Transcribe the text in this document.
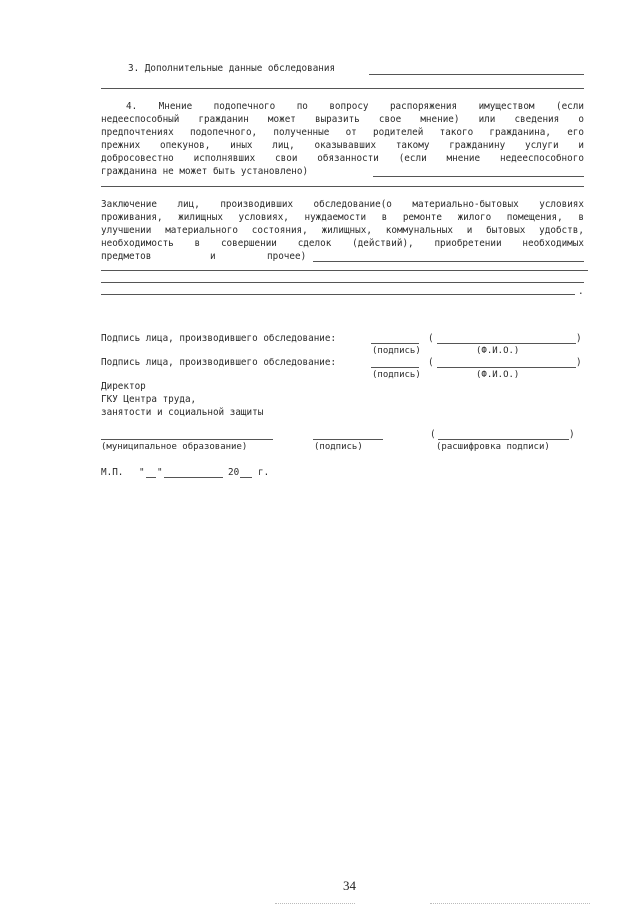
3. Дополнительные данные обследования
4. Мнение подопечного по вопросу распоряжения имуществом (если
недееспособный гражданин может выразить свое мнение) или сведения о
предпочтениях подопечного, полученные от родителей такого гражданина, его
прежних опекунов, иных лиц, оказывавших такому гражданину услуги и
добросовестно исполнявших свои обязанности (если мнение недееспособного
гражданина не может быть установлено)
Заключение лиц, производивших обследование(о материально-бытовых условиях
проживания, жилищных условиях, нуждаемости в ремонте жилого помещения, в
улучшении материального состояния, жилищных, коммунальных и бытовых удобств,
необходимость в совершении сделок (действий), приобретении необходимых
предметов	и	прочее)
.
Подпись лица, производившего обследование:	(	)
(подпись)	(Ф.И.О.)
Подпись лица, производившего обследование:	(	)
(подпись)	(Ф.И.О.)
Директор
ГКУ Центра труда,
занятости и социальной защиты
(	)
(муниципальное образование)	(подпись)	(расшифровка подписи)
М.П. " "	20 г.
34
